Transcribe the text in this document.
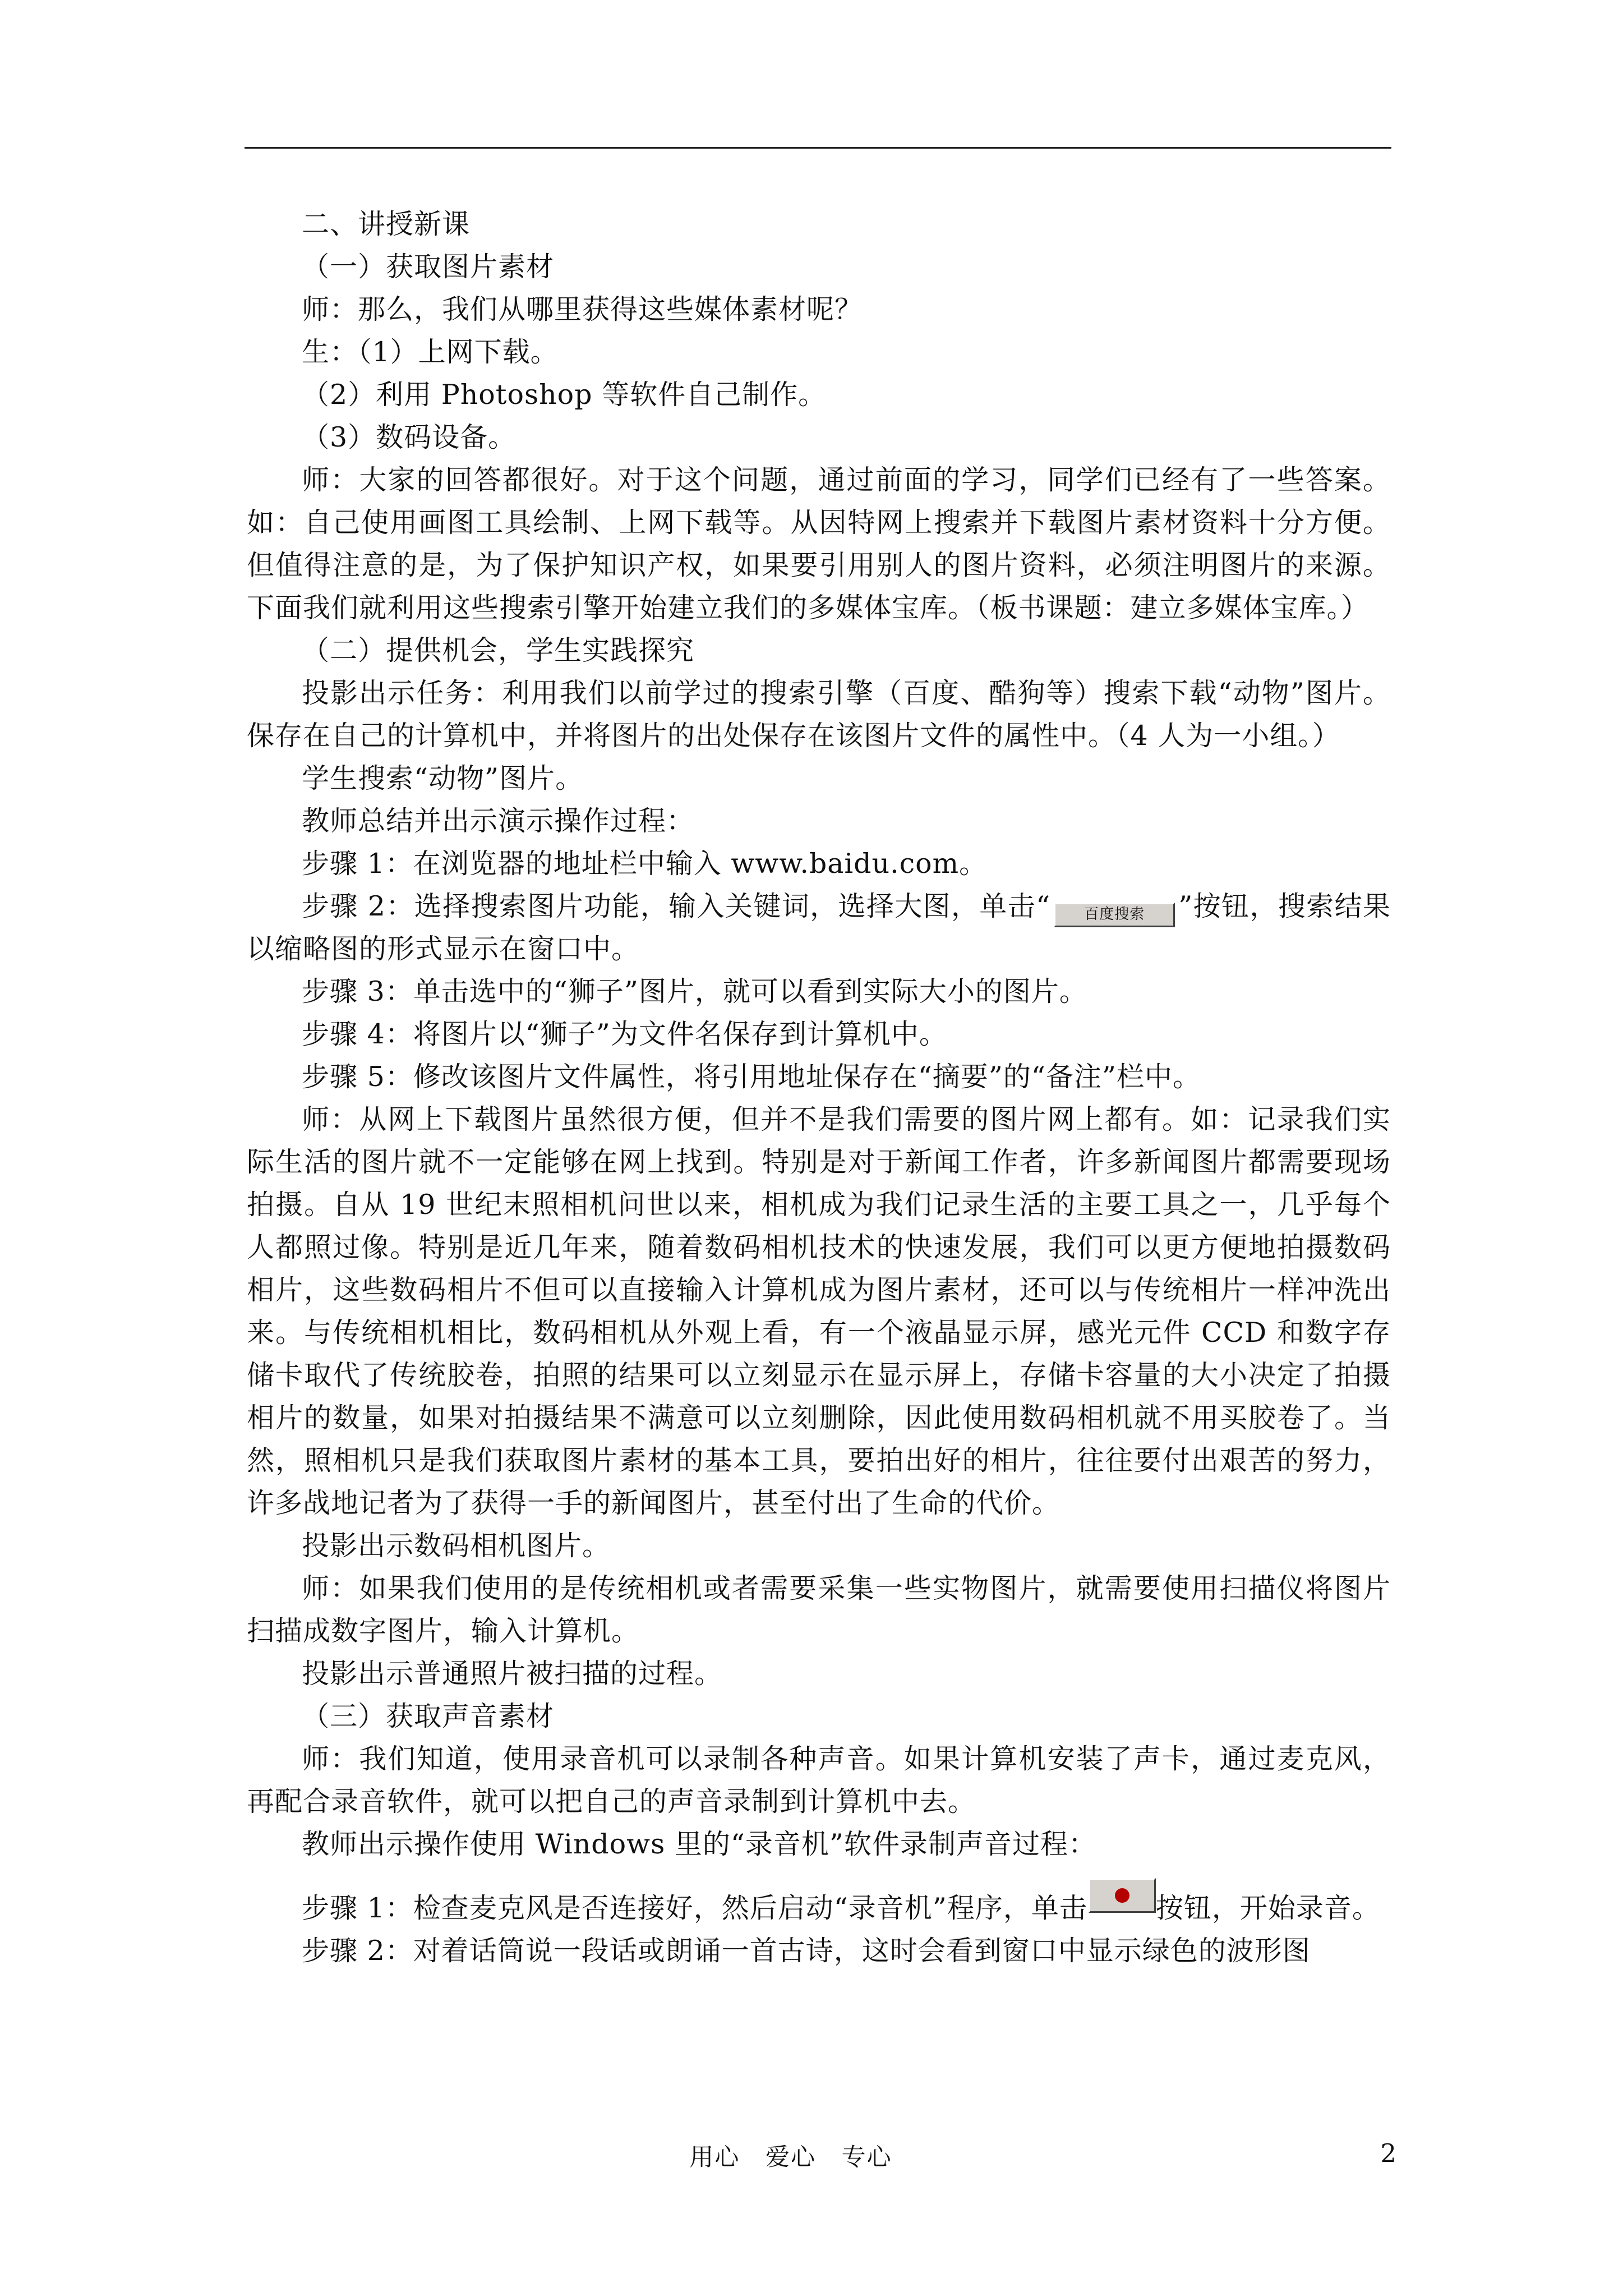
二、讲授新课

（一）获取图片素材

师：那么，我们从哪里获得这些媒体素材呢？

生：（1）上网下载。

（2）利用 Photoshop 等软件自己制作。

（3）数码设备。

师：大家的回答都很好。对于这个问题，通过前面的学习，同学们已经有了一些答案。如：自己使用画图工具绘制、上网下载等。从因特网上搜索并下载图片素材资料十分方便。但值得注意的是，为了保护知识产权，如果要引用别人的图片资料，必须注明图片的来源。下面我们就利用这些搜索引擎开始建立我们的多媒体宝库。（板书课题：建立多媒体宝库。）

（二）提供机会，学生实践探究

投影出示任务：利用我们以前学过的搜索引擎（百度、酷狗等）搜索下载“动物”图片。保存在自己的计算机中，并将图片的出处保存在该图片文件的属性中。（4 人为一小组。）

学生搜索“动物”图片。

教师总结并出示演示操作过程：

步骤 1：在浏览器的地址栏中输入 www.baidu.com。

步骤 2：选择搜索图片功能，输入关键词，选择大图，单击“ 百度搜索 ”按钮，搜索结果以缩略图的形式显示在窗口中。

步骤 3：单击选中的“狮子”图片，就可以看到实际大小的图片。

步骤 4：将图片以“狮子”为文件名保存到计算机中。

步骤 5：修改该图片文件属性，将引用地址保存在“摘要”的“备注”栏中。

师：从网上下载图片虽然很方便，但并不是我们需要的图片网上都有。如：记录我们实际生活的图片就不一定能够在网上找到。特别是对于新闻工作者，许多新闻图片都需要现场拍摄。自从 19 世纪末照相机问世以来，相机成为我们记录生活的主要工具之一，几乎每个人都照过像。特别是近几年来，随着数码相机技术的快速发展，我们可以更方便地拍摄数码相片，这些数码相片不但可以直接输入计算机成为图片素材，还可以与传统相片一样冲洗出来。与传统相机相比，数码相机从外观上看，有一个液晶显示屏，感光元件 CCD 和数字存储卡取代了传统胶卷，拍照的结果可以立刻显示在显示屏上，存储卡容量的大小决定了拍摄相片的数量，如果对拍摄结果不满意可以立刻删除，因此使用数码相机就不用买胶卷了。当然，照相机只是我们获取图片素材的基本工具，要拍出好的相片，往往要付出艰苦的努力，许多战地记者为了获得一手的新闻图片，甚至付出了生命的代价。

投影出示数码相机图片。

师：如果我们使用的是传统相机或者需要采集一些实物图片，就需要使用扫描仪将图片扫描成数字图片，输入计算机。

投影出示普通照片被扫描的过程。

（三）获取声音素材

师：我们知道，使用录音机可以录制各种声音。如果计算机安装了声卡，通过麦克风，再配合录音软件，就可以把自己的声音录制到计算机中去。

教师出示操作使用 Windows 里的“录音机”软件录制声音过程：

步骤 1：检查麦克风是否连接好，然后启动“录音机”程序，单击 按钮，开始录音。

步骤 2：对着话筒说一段话或朗诵一首古诗，这时会看到窗口中显示绿色的波形图

用心 爱心 专心	2
